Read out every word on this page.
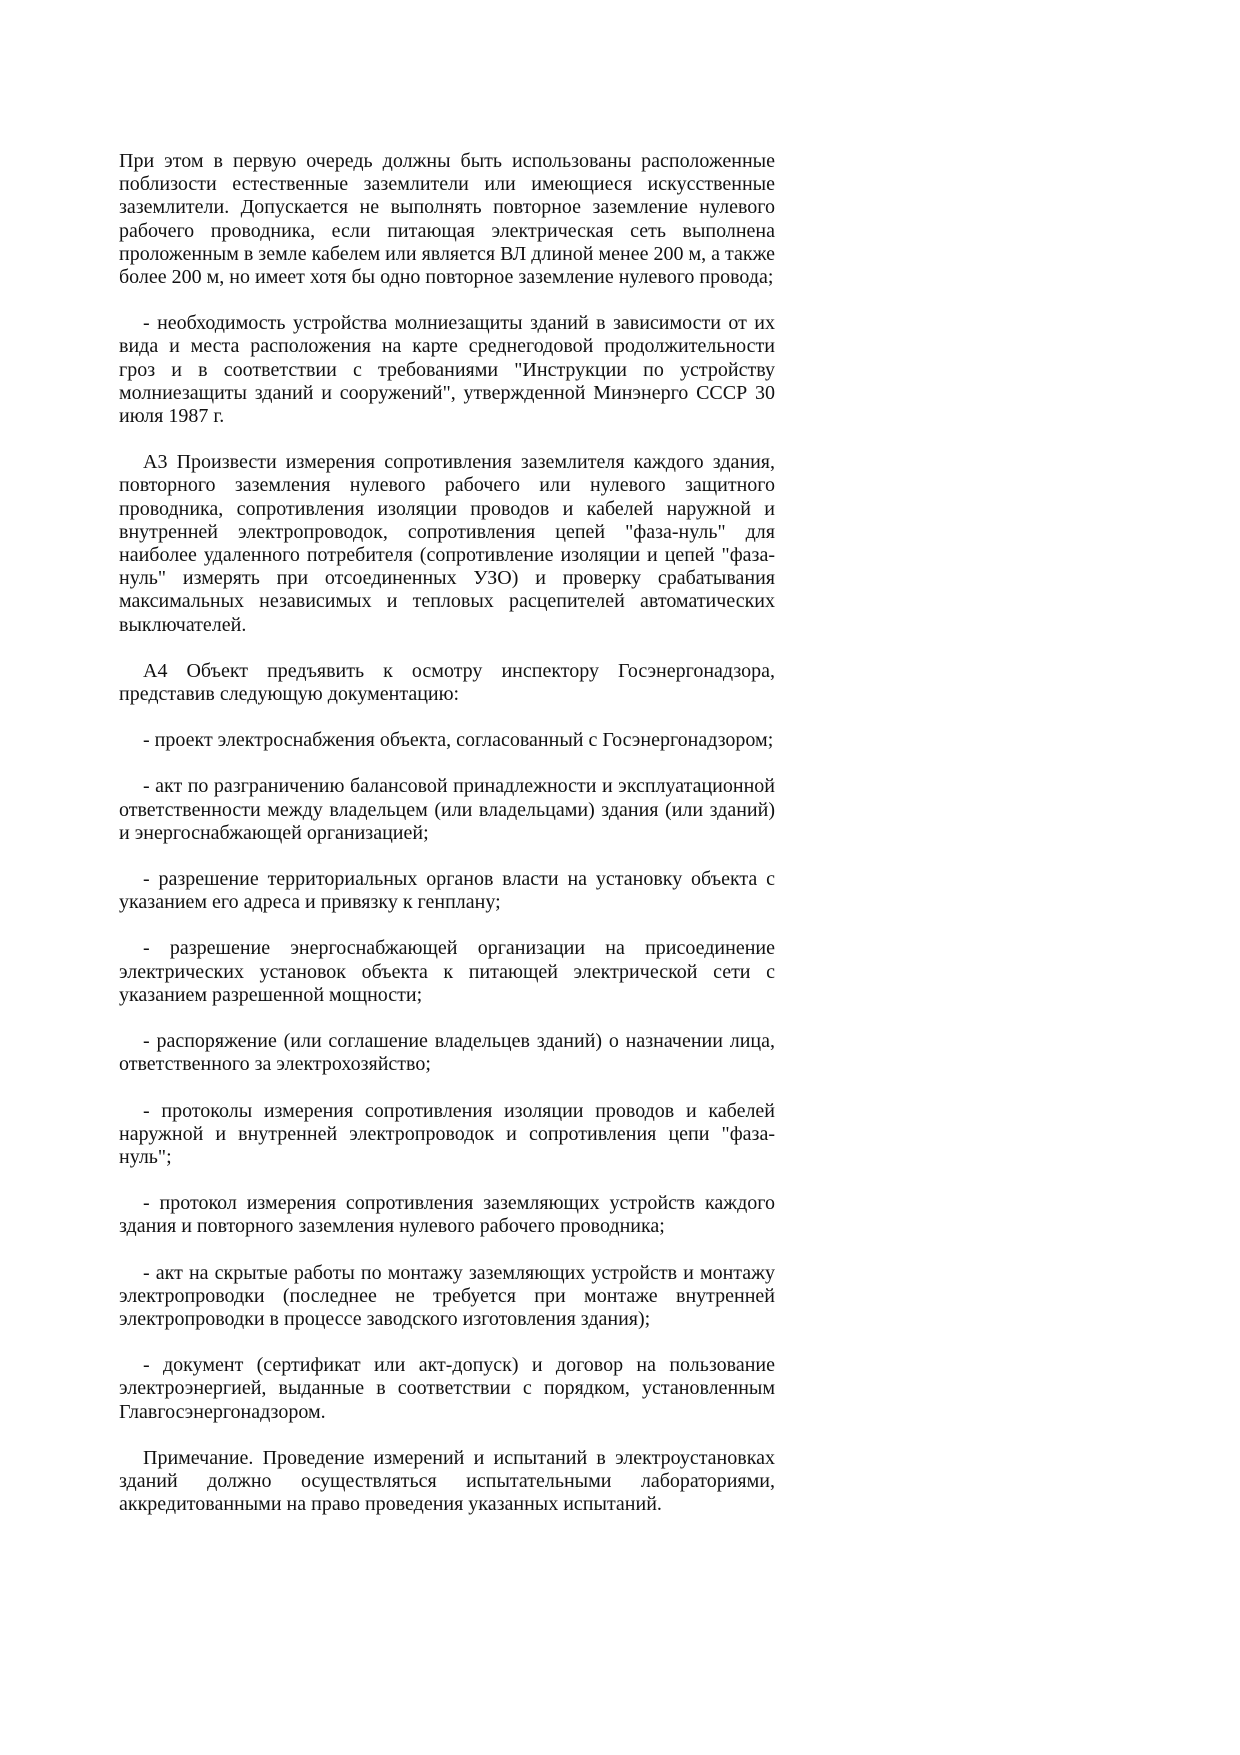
При этом в первую очередь должны быть использованы расположенные поблизости естественные заземлители или имеющиеся искусственные заземлители. Допускается не выполнять повторное заземление нулевого рабочего проводника, если питающая электрическая сеть выполнена проложенным в земле кабелем или является ВЛ длиной менее 200 м, а также более 200 м, но имеет хотя бы одно повторное заземление нулевого провода;

- необходимость устройства молниезащиты зданий в зависимости от их вида и места расположения на карте среднегодовой продолжительности гроз и в соответствии с требованиями "Инструкции по устройству молниезащиты зданий и сооружений", утвержденной Минэнерго СССР 30 июля 1987 г.

А3 Произвести измерения сопротивления заземлителя каждого здания, повторного заземления нулевого рабочего или нулевого защитного проводника, сопротивления изоляции проводов и кабелей наружной и внутренней электропроводок, сопротивления цепей "фаза-нуль" для наиболее удаленного потребителя (сопротивление изоляции и цепей "фаза-нуль" измерять при отсоединенных УЗО) и проверку срабатывания максимальных независимых и тепловых расцепителей автоматических выключателей.

А4 Объект предъявить к осмотру инспектору Госэнергонадзора, представив следующую документацию:

- проект электроснабжения объекта, согласованный с Госэнергонадзором;

- акт по разграничению балансовой принадлежности и эксплуатационной ответственности между владельцем (или владельцами) здания (или зданий) и энергоснабжающей организацией;

- разрешение территориальных органов власти на установку объекта с указанием его адреса и привязку к генплану;

- разрешение энергоснабжающей организации на присоединение электрических установок объекта к питающей электрической сети с указанием разрешенной мощности;

- распоряжение (или соглашение владельцев зданий) о назначении лица, ответственного за электрохозяйство;

- протоколы измерения сопротивления изоляции проводов и кабелей наружной и внутренней электропроводок и сопротивления цепи "фаза-нуль";

- протокол измерения сопротивления заземляющих устройств каждого здания и повторного заземления нулевого рабочего проводника;

- акт на скрытые работы по монтажу заземляющих устройств и монтажу электропроводки (последнее не требуется при монтаже внутренней электропроводки в процессе заводского изготовления здания);

- документ (сертификат или акт-допуск) и договор на пользование электроэнергией, выданные в соответствии с порядком, установленным Главгосэнергонадзором.

Примечание. Проведение измерений и испытаний в электроустановках зданий должно осуществляться испытательными лабораториями, аккредитованными на право проведения указанных испытаний.
